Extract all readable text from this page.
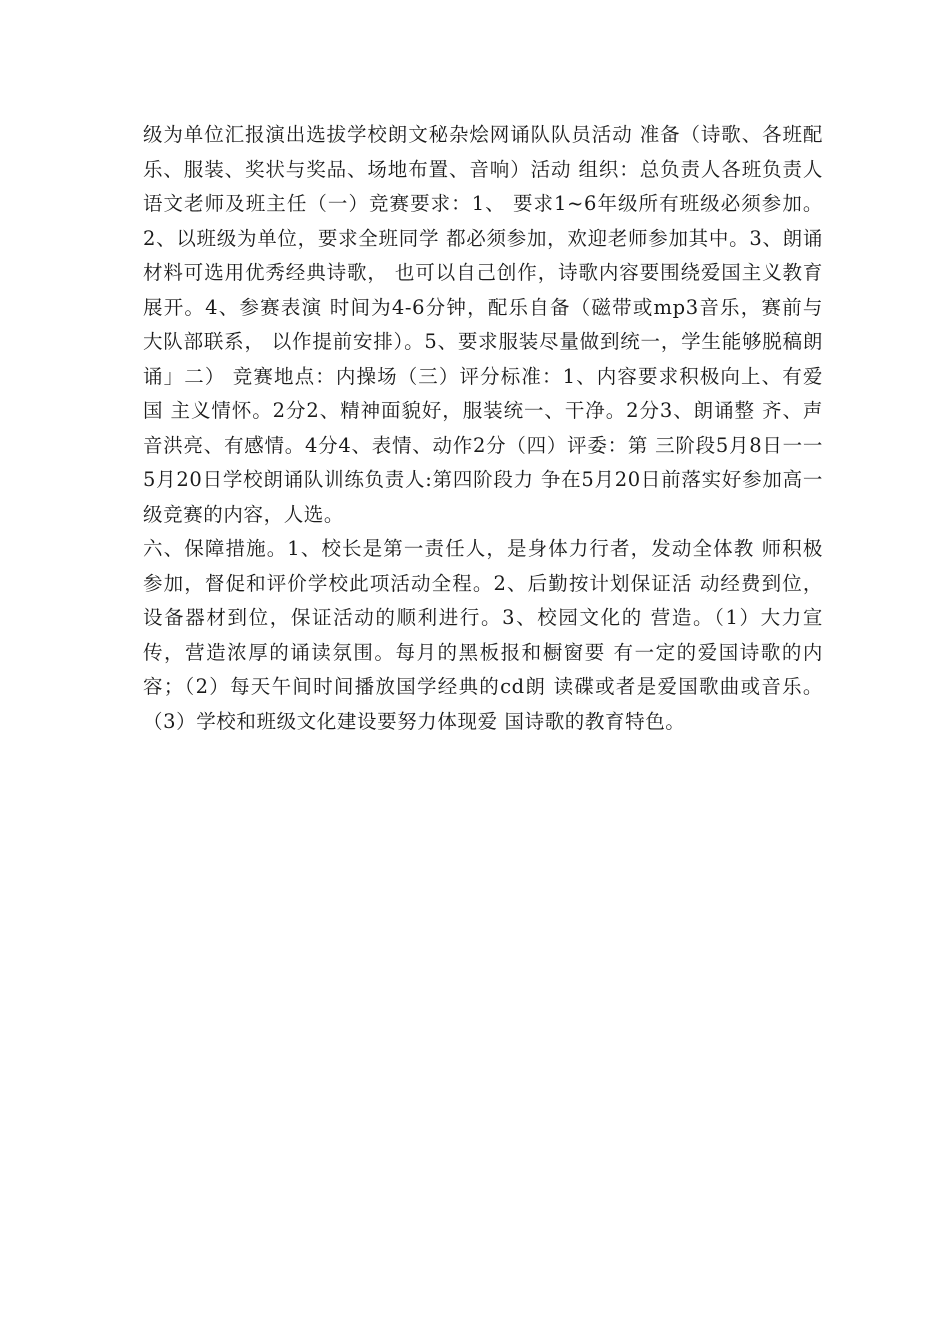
级为单位汇报演出选拔学校朗文秘杂烩网诵队队员活动 准备（诗歌、各班配乐、服装、奖状与奖品、场地布置、音响）活动 组织：总负责人各班负责人 语文老师及班主任（一）竞赛要求：1、 要求1~6年级所有班级必须参加。2、以班级为单位，要求全班同学 都必须参加，欢迎老师参加其中。3、朗诵材料可选用优秀经典诗歌， 也可以自己创作，诗歌内容要围绕爱国主义教育展开。4、参赛表演 时间为4-6分钟，配乐自备（磁带或mp3音乐，赛前与大队部联系， 以作提前安排）。5、要求服装尽量做到统一，学生能够脱稿朗诵」二） 竞赛地点：内操场（三）评分标准：1、内容要求积极向上、有爱国 主义情怀。2分2、精神面貌好，服装统一、干净。2分3、朗诵整 齐、声音洪亮、有感情。4分4、表情、动作2分（四）评委：第 三阶段5月8日一一5月20日学校朗诵队训练负责人:第四阶段力 争在5月20日前落实好参加高一级竞赛的内容，人选。

六、保障措施。1、校长是第一责任人，是身体力行者，发动全体教 师积极参加，督促和评价学校此项活动全程。2、后勤按计划保证活 动经费到位，设备器材到位，保证活动的顺利进行。3、校园文化的 营造。（1）大力宣传，营造浓厚的诵读氛围。每月的黑板报和橱窗要 有一定的爱国诗歌的内容；（2）每天午间时间播放国学经典的cd朗 读碟或者是爱国歌曲或音乐。（3）学校和班级文化建设要努力体现爱 国诗歌的教育特色。
